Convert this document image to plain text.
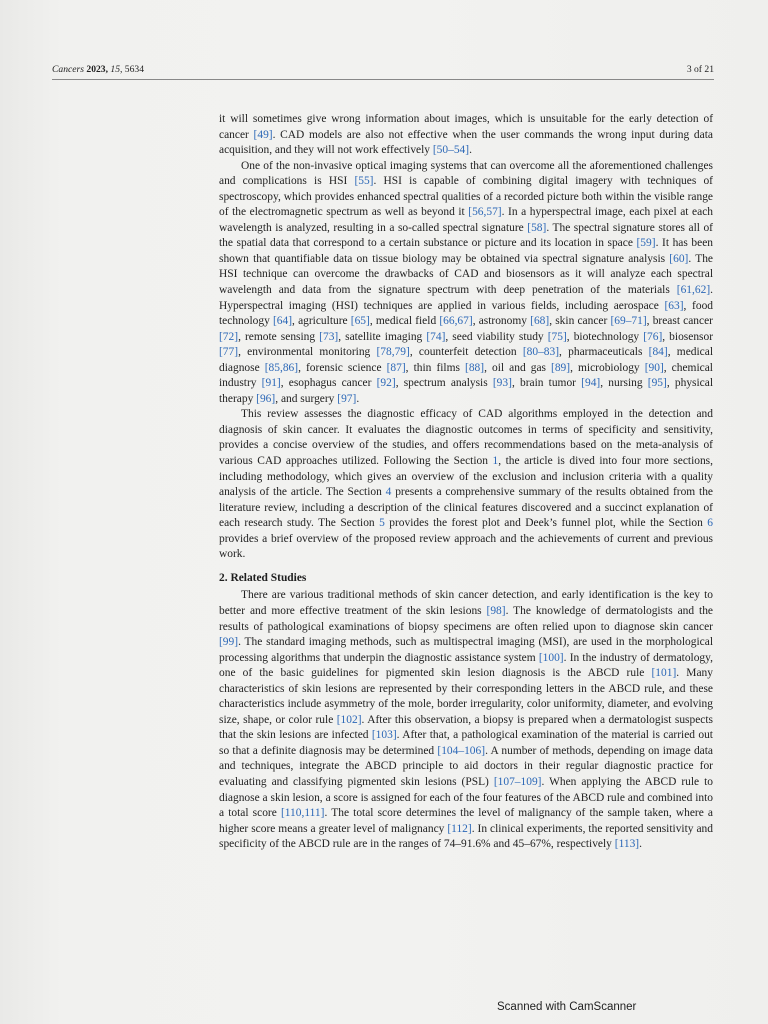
Cancers 2023, 15, 5634	3 of 21

it will sometimes give wrong information about images, which is unsuitable for the early detection of cancer [49]. CAD models are also not effective when the user commands the wrong input during data acquisition, and they will not work effectively [50–54].

One of the non-invasive optical imaging systems that can overcome all the aforementioned challenges and complications is HSI [55]. HSI is capable of combining digital imagery with techniques of spectroscopy, which provides enhanced spectral qualities of a recorded picture both within the visible range of the electromagnetic spectrum as well as beyond it [56,57]. In a hyperspectral image, each pixel at each wavelength is analyzed, resulting in a so-called spectral signature [58]. The spectral signature stores all of the spatial data that correspond to a certain substance or picture and its location in space [59]. It has been shown that quantifiable data on tissue biology may be obtained via spectral signature analysis [60]. The HSI technique can overcome the drawbacks of CAD and biosensors as it will analyze each spectral wavelength and data from the signature spectrum with deep penetration of the materials [61,62]. Hyperspectral imaging (HSI) techniques are applied in various fields, including aerospace [63], food technology [64], agriculture [65], medical field [66,67], astronomy [68], skin cancer [69–71], breast cancer [72], remote sensing [73], satellite imaging [74], seed viability study [75], biotechnology [76], biosensor [77], environmental monitoring [78,79], counterfeit detection [80–83], pharmaceuticals [84], medical diagnose [85,86], forensic science [87], thin films [88], oil and gas [89], microbiology [90], chemical industry [91], esophagus cancer [92], spectrum analysis [93], brain tumor [94], nursing [95], physical therapy [96], and surgery [97].

This review assesses the diagnostic efficacy of CAD algorithms employed in the detection and diagnosis of skin cancer. It evaluates the diagnostic outcomes in terms of specificity and sensitivity, provides a concise overview of the studies, and offers recommendations based on the meta-analysis of various CAD approaches utilized. Following the Section 1, the article is dived into four more sections, including methodology, which gives an overview of the exclusion and inclusion criteria with a quality analysis of the article. The Section 4 presents a comprehensive summary of the results obtained from the literature review, including a description of the clinical features discovered and a succinct explanation of each research study. The Section 5 provides the forest plot and Deek’s funnel plot, while the Section 6 provides a brief overview of the proposed review approach and the achievements of current and previous work.

2. Related Studies

There are various traditional methods of skin cancer detection, and early identification is the key to better and more effective treatment of the skin lesions [98]. The knowledge of dermatologists and the results of pathological examinations of biopsy specimens are often relied upon to diagnose skin cancer [99]. The standard imaging methods, such as multispectral imaging (MSI), are used in the morphological processing algorithms that underpin the diagnostic assistance system [100]. In the industry of dermatology, one of the basic guidelines for pigmented skin lesion diagnosis is the ABCD rule [101]. Many characteristics of skin lesions are represented by their corresponding letters in the ABCD rule, and these characteristics include asymmetry of the mole, border irregularity, color uniformity, diameter, and evolving size, shape, or color rule [102]. After this observation, a biopsy is prepared when a dermatologist suspects that the skin lesions are infected [103]. After that, a pathological examination of the material is carried out so that a definite diagnosis may be determined [104–106]. A number of methods, depending on image data and techniques, integrate the ABCD principle to aid doctors in their regular diagnostic practice for evaluating and classifying pigmented skin lesions (PSL) [107–109]. When applying the ABCD rule to diagnose a skin lesion, a score is assigned for each of the four features of the ABCD rule and combined into a total score [110,111]. The total score determines the level of malignancy of the sample taken, where a higher score means a greater level of malignancy [112]. In clinical experiments, the reported sensitivity and specificity of the ABCD rule are in the ranges of 74–91.6% and 45–67%, respectively [113].

Scanned with CamScanner
